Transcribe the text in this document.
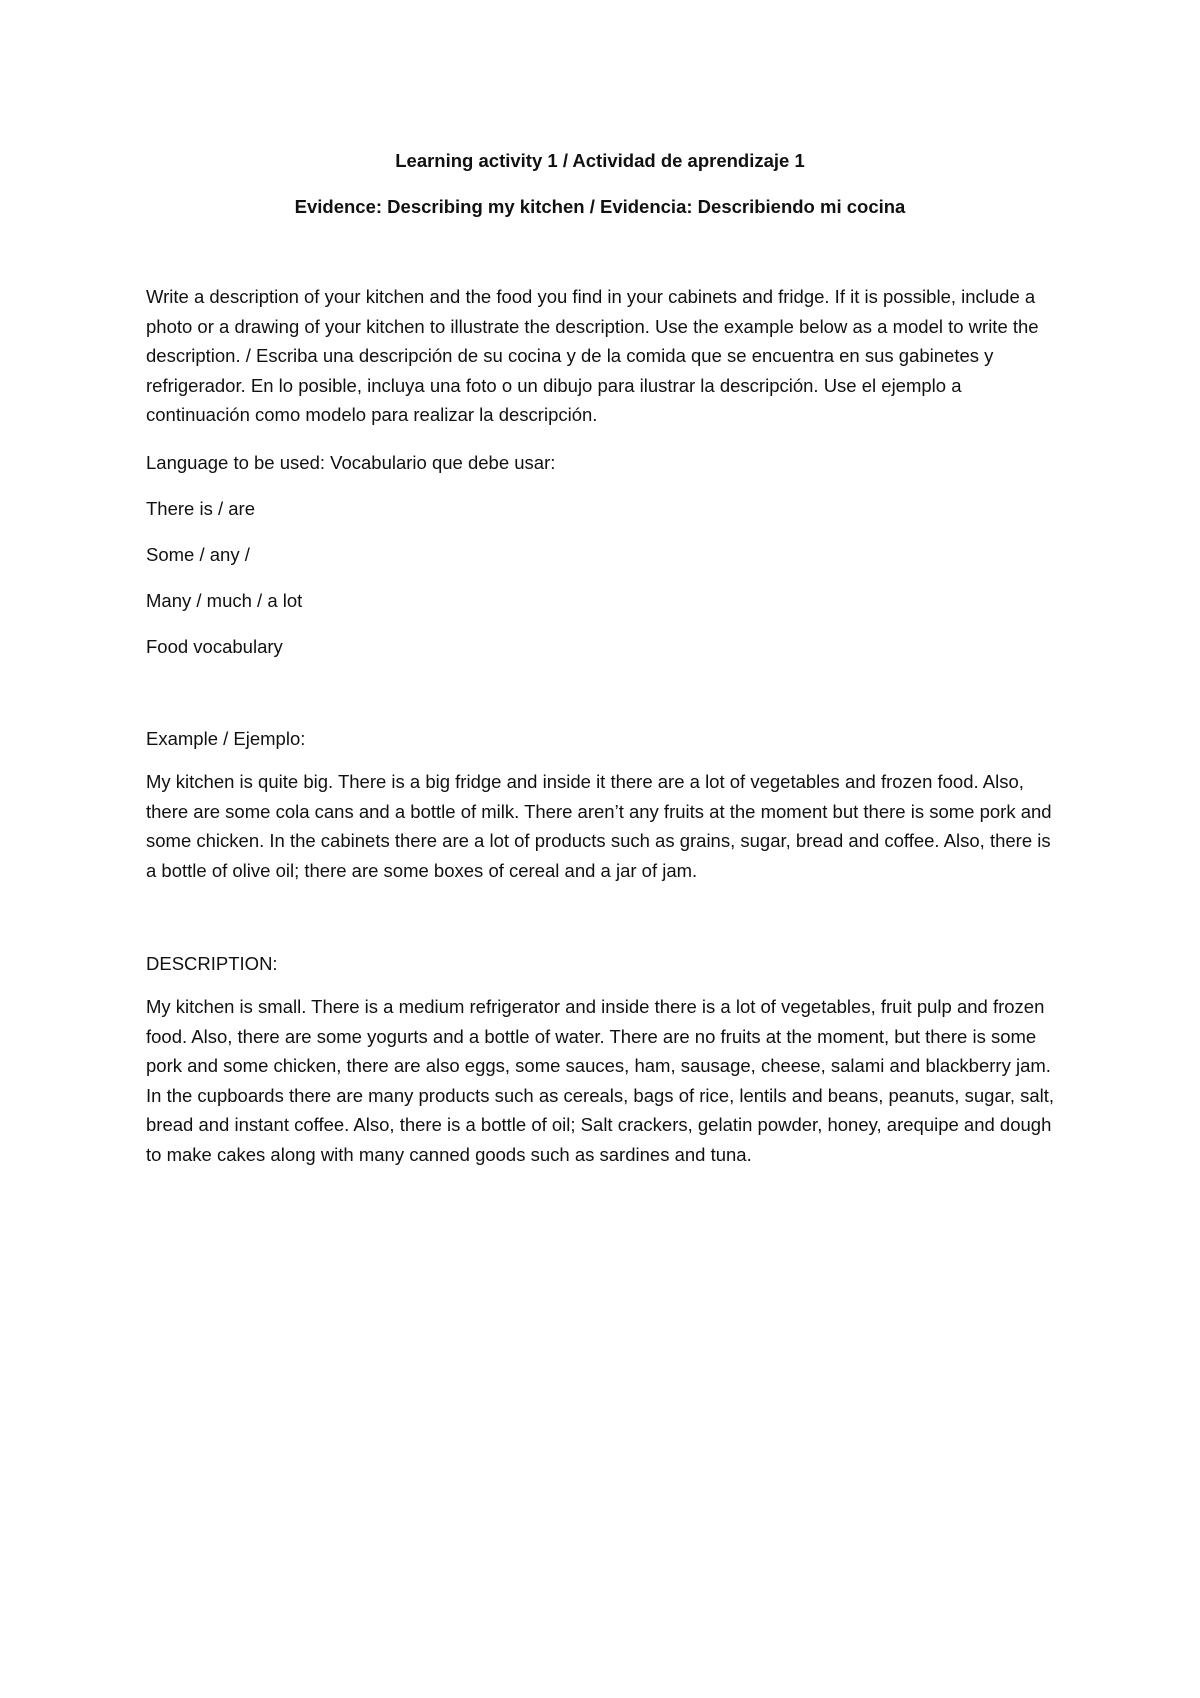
Learning activity 1 / Actividad de aprendizaje 1

Evidence: Describing my kitchen / Evidencia: Describiendo mi cocina

Write a description of your kitchen and the food you find in your cabinets and fridge. If it is possible, include a photo or a drawing of your kitchen to illustrate the description. Use the example below as a model to write the description. / Escriba una descripción de su cocina y de la comida que se encuentra en sus gabinetes y refrigerador. En lo posible, incluya una foto o un dibujo para ilustrar la descripción. Use el ejemplo a continuación como modelo para realizar la descripción.

Language to be used: Vocabulario que debe usar:

There is / are

Some / any /

Many / much / a lot

Food vocabulary

Example / Ejemplo:

My kitchen is quite big. There is a big fridge and inside it there are a lot of vegetables and frozen food. Also, there are some cola cans and a bottle of milk. There aren’t any fruits at the moment but there is some pork and some chicken. In the cabinets there are a lot of products such as grains, sugar, bread and coffee. Also, there is a bottle of olive oil; there are some boxes of cereal and a jar of jam.

DESCRIPTION:

My kitchen is small. There is a medium refrigerator and inside there is a lot of vegetables, fruit pulp and frozen food. Also, there are some yogurts and a bottle of water. There are no fruits at the moment, but there is some pork and some chicken, there are also eggs, some sauces, ham, sausage, cheese, salami and blackberry jam. In the cupboards there are many products such as cereals, bags of rice, lentils and beans, peanuts, sugar, salt, bread and instant coffee. Also, there is a bottle of oil; Salt crackers, gelatin powder, honey, arequipe and dough to make cakes along with many canned goods such as sardines and tuna.
